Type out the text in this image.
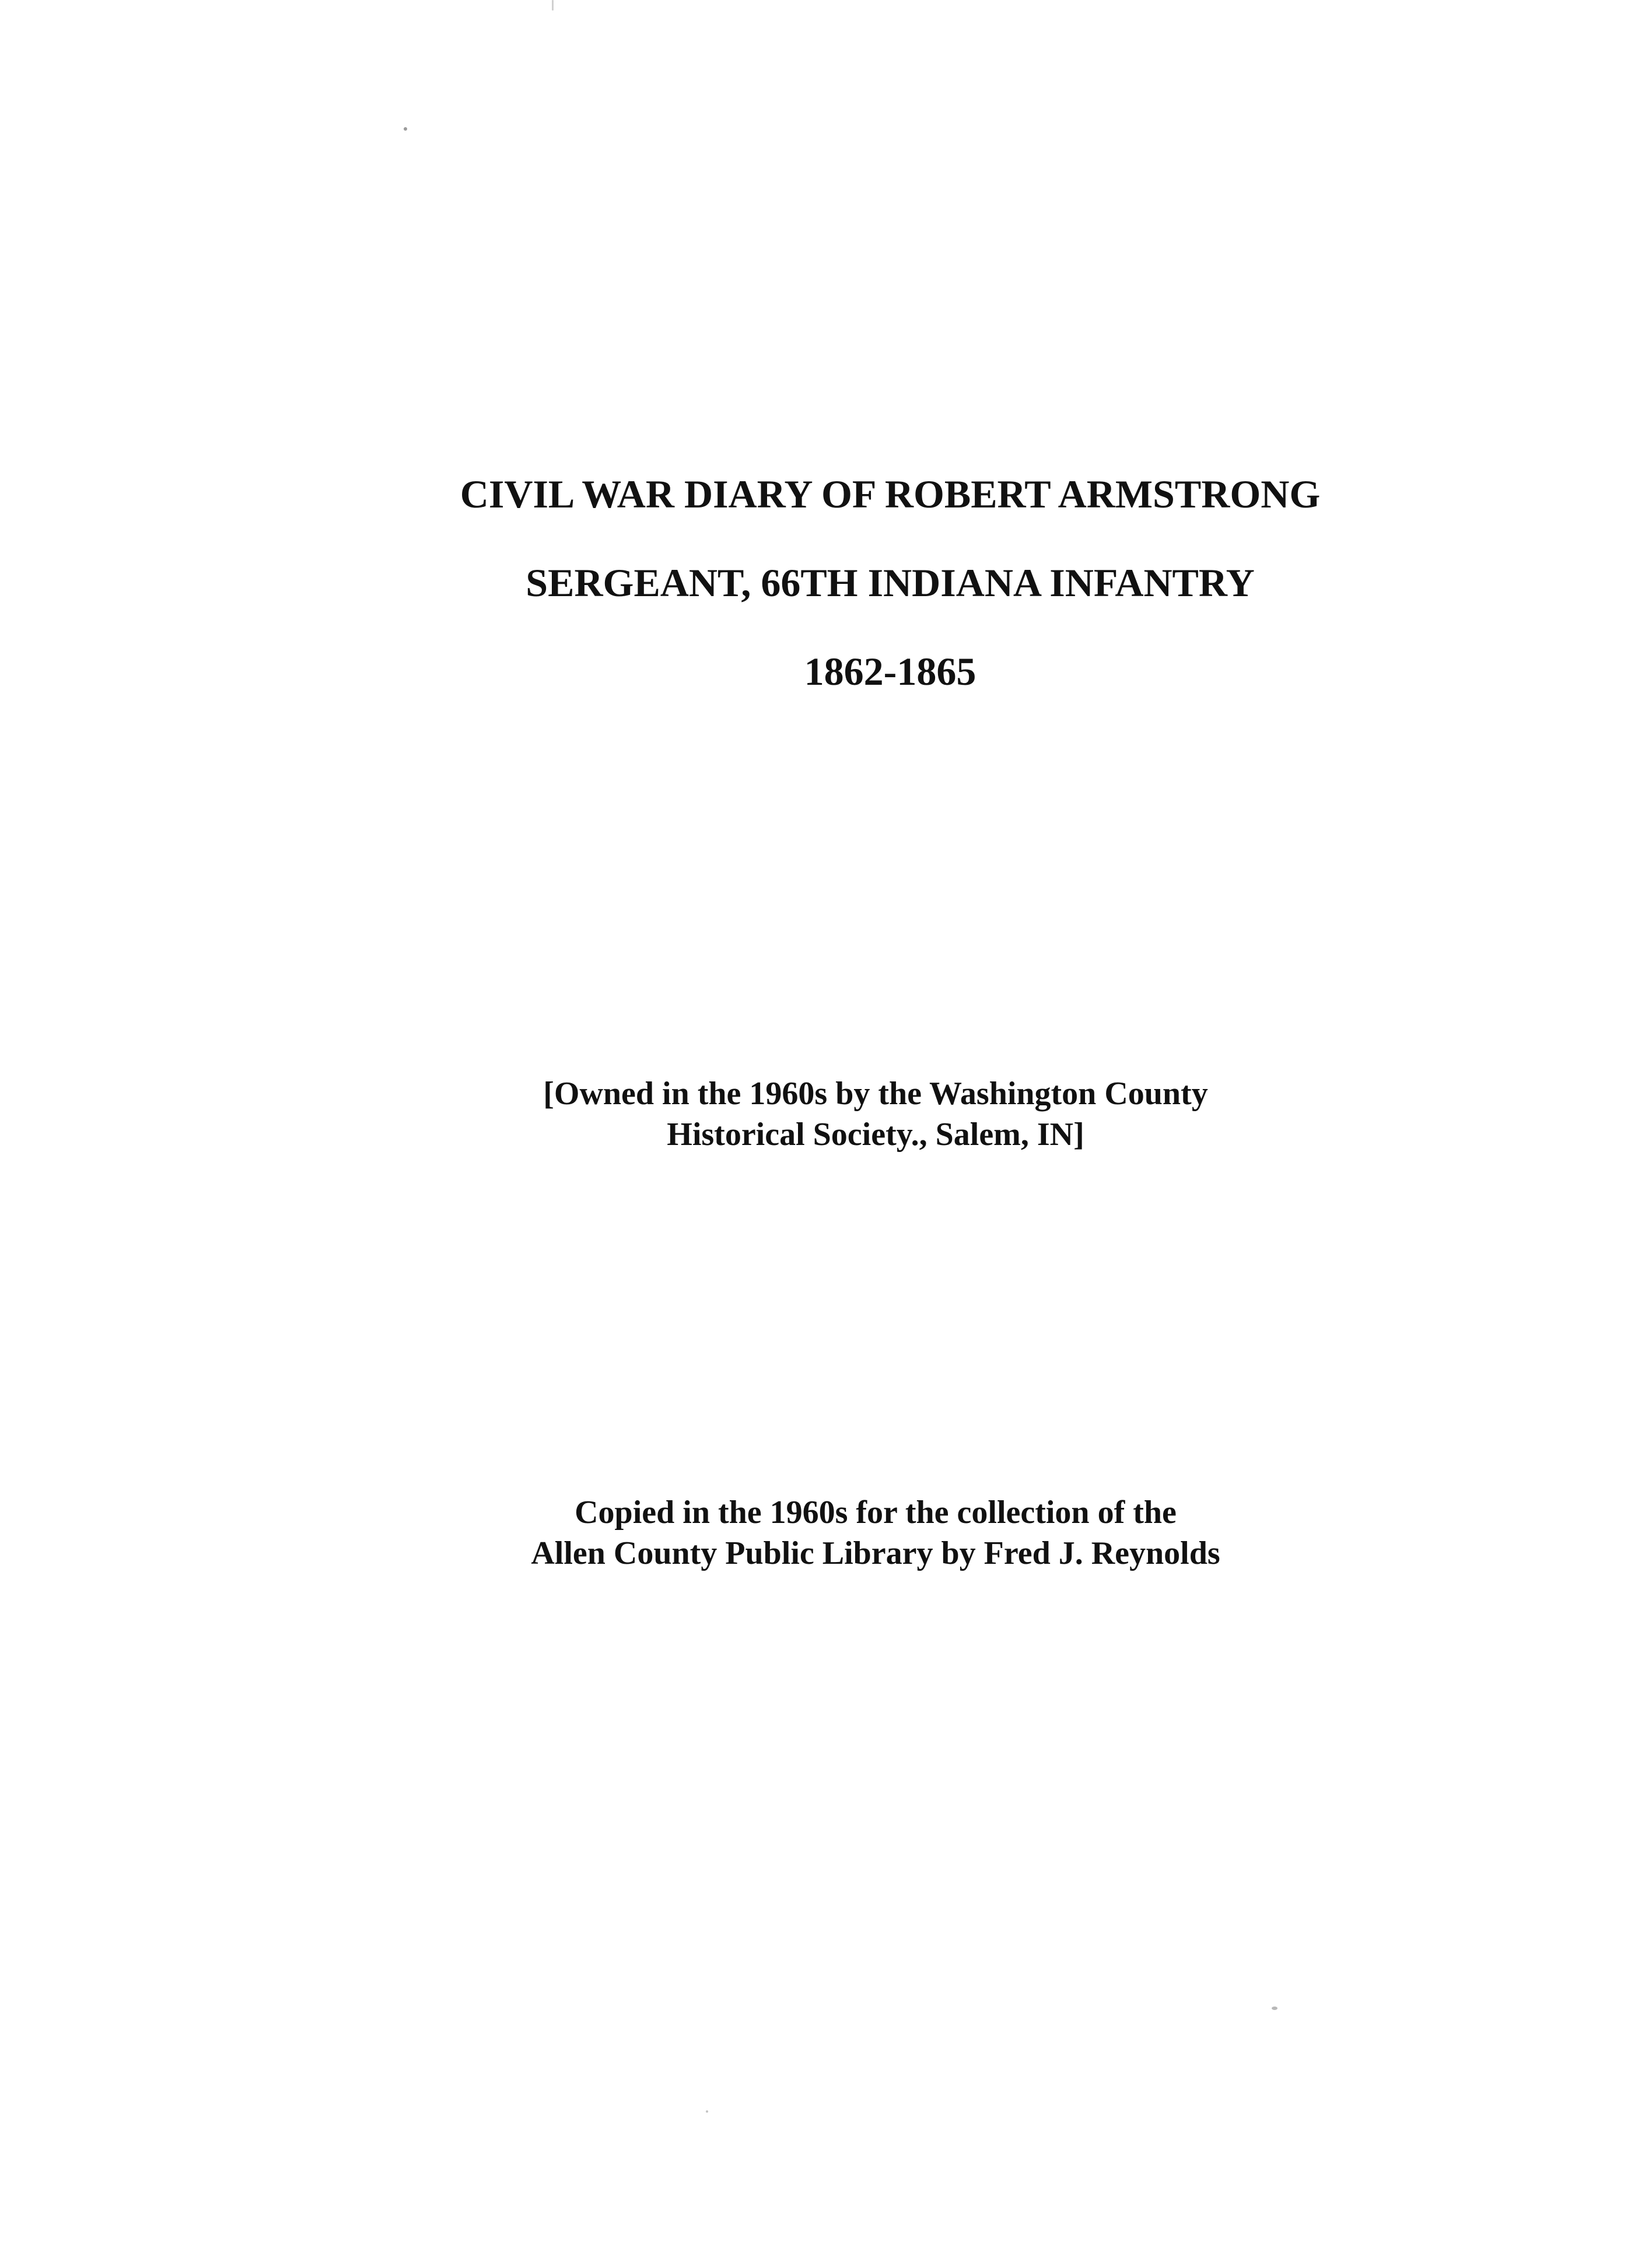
CIVIL WAR DIARY OF ROBERT ARMSTRONG
SERGEANT, 66TH INDIANA INFANTRY
1862-1865
[Owned in the 1960s by the Washington County
Historical Society., Salem, IN]
Copied in the 1960s for the collection of the
Allen County Public Library by Fred J. Reynolds
